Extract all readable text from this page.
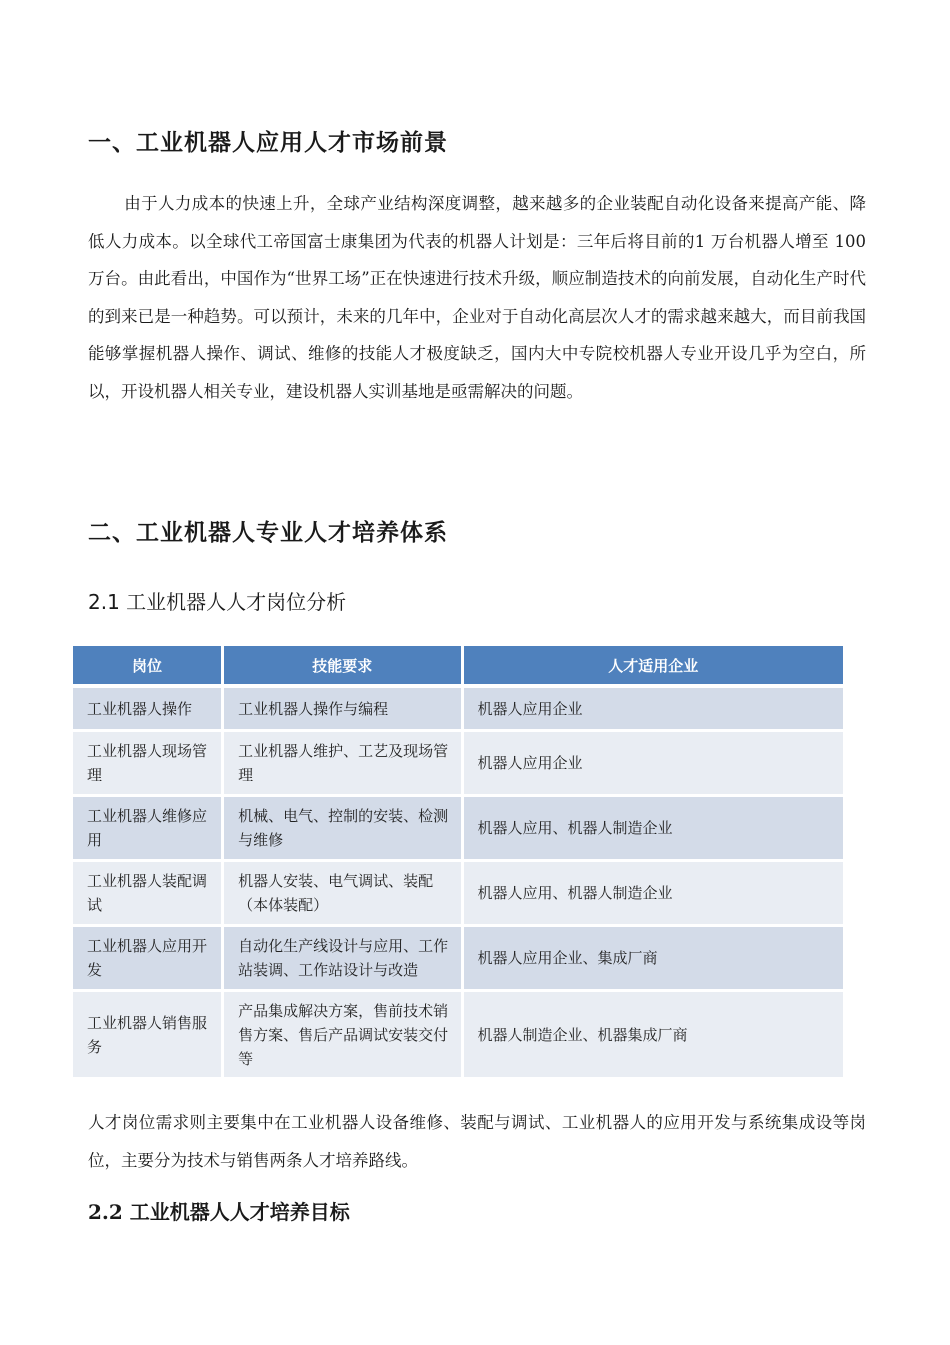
一、工业机器人应用人才市场前景

由于人力成本的快速上升，全球产业结构深度调整，越来越多的企业装配自动化设备来提高产能、降低人力成本。以全球代工帝国富士康集团为代表的机器人计划是：三年后将目前的1 万台机器人增至 100 万台。由此看出，中国作为“世界工场”正在快速进行技术升级，顺应制造技术的向前发展，自动化生产时代的到来已是一种趋势。可以预计，未来的几年中，企业对于自动化高层次人才的需求越来越大，而目前我国能够掌握机器人操作、调试、维修的技能人才极度缺乏，国内大中专院校机器人专业开设几乎为空白，所以，开设机器人相关专业，建设机器人实训基地是亟需解决的问题。

二、工业机器人专业人才培养体系
2.1 工业机器人人才岗位分析
岗位	技能要求	人才适用企业
工业机器人操作	工业机器人操作与编程	机器人应用企业
工业机器人现场管理	工业机器人维护、工艺及现场管理	机器人应用企业
工业机器人维修应用	机械、电气、控制的安装、检测与维修	机器人应用、机器人制造企业
工业机器人装配调试	机器人安装、电气调试、装配（本体装配）	机器人应用、机器人制造企业
工业机器人应用开发	自动化生产线设计与应用、工作站装调、工作站设计与改造	机器人应用企业、集成厂商
工业机器人销售服务	产品集成解决方案，售前技术销售方案、售后产品调试安装交付等	机器人制造企业、机器集成厂商

人才岗位需求则主要集中在工业机器人设备维修、装配与调试、工业机器人的应用开发与系统集成设等岗位，主要分为技术与销售两条人才培养路线。

2.2 工业机器人人才培养目标
